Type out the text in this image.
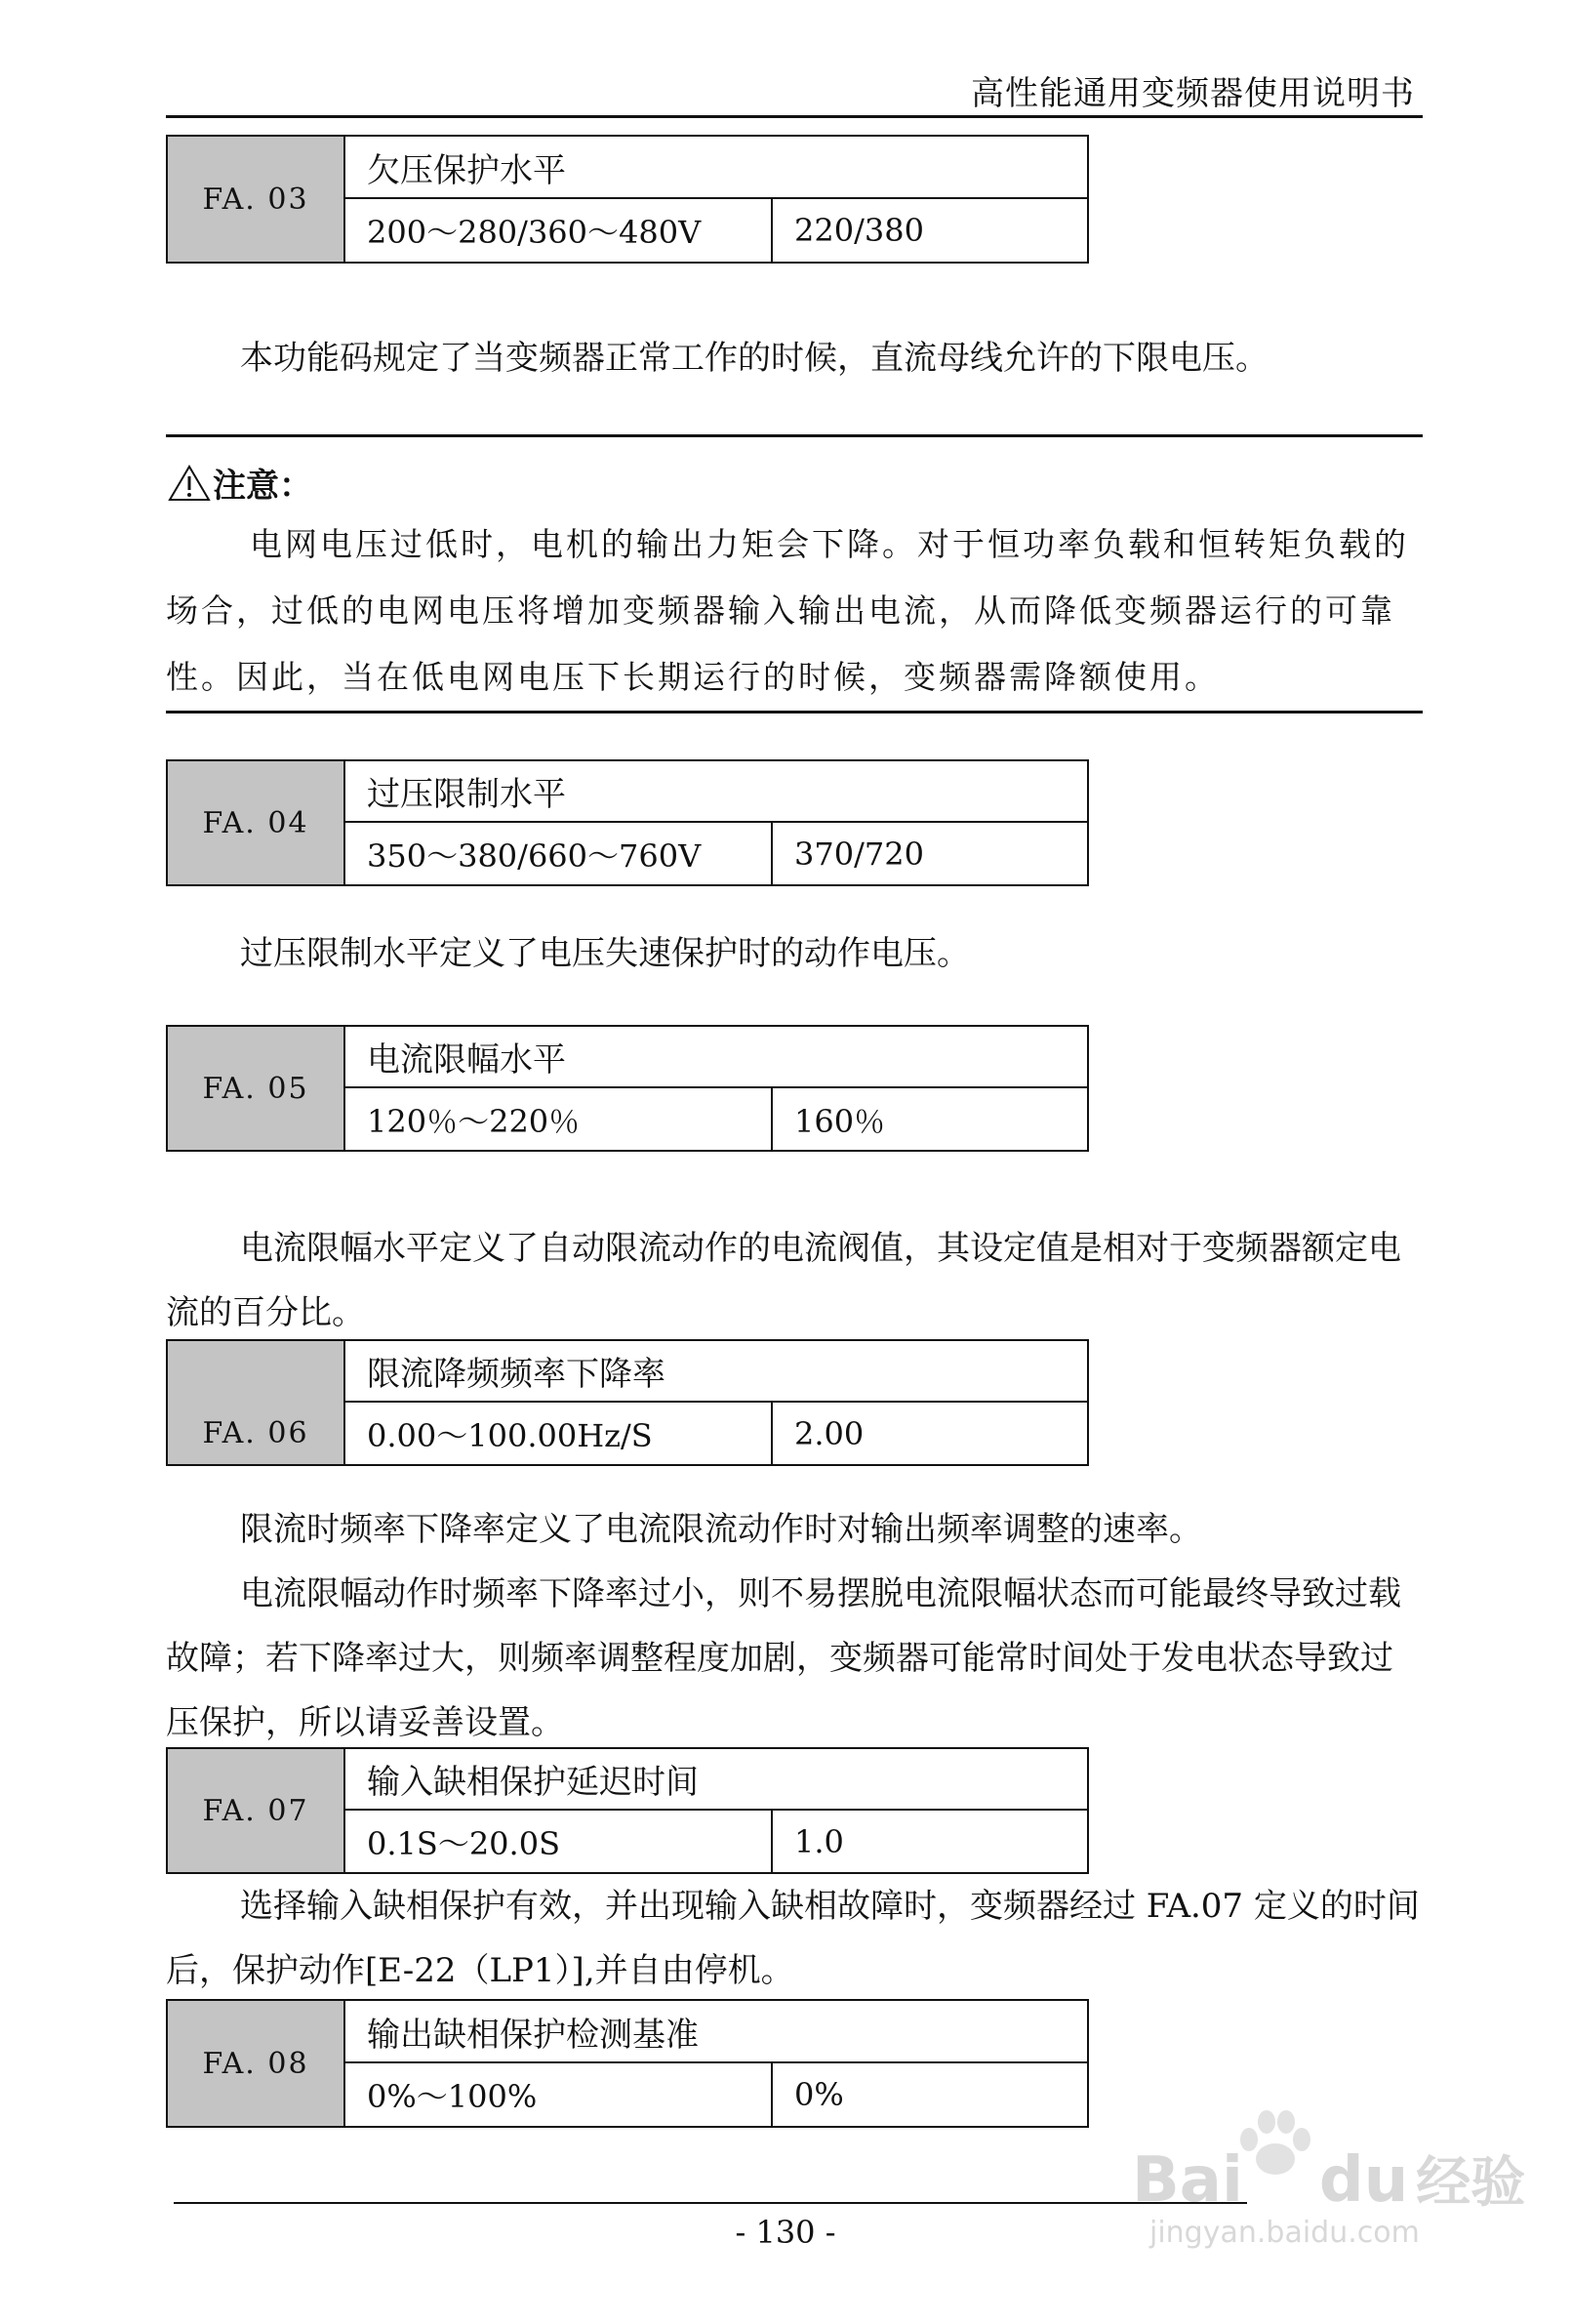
高性能通用变频器使用说明书
FA. 03
欠压保护水平
200～280/360～480V	220/380

本功能码规定了当变频器正常工作的时候，直流母线允许的下限电压。

注意：

电网电压过低时，电机的输出力矩会下降。对于恒功率负载和恒转矩负载的场合，过低的电网电压将增加变频器输入输出电流，从而降低变频器运行的可靠性。因此，当在低电网电压下长期运行的时候，变频器需降额使用。

FA. 04
过压限制水平
350～380/660～760V	370/720

过压限制水平定义了电压失速保护时的动作电压。

FA. 05
电流限幅水平
120％～220％	160％

电流限幅水平定义了自动限流动作的电流阀值，其设定值是相对于变频器额定电流的百分比。

FA. 06
限流降频频率下降率
0.00～100.00Hz/S	2.00

限流时频率下降率定义了电流限流动作时对输出频率调整的速率。

电流限幅动作时频率下降率过小，则不易摆脱电流限幅状态而可能最终导致过载故障；若下降率过大，则频率调整程度加剧，变频器可能常时间处于发电状态导致过压保护，所以请妥善设置。

FA. 07
输入缺相保护延迟时间
0.1S～20.0S	1.0

选择输入缺相保护有效，并出现输入缺相故障时，变频器经过 FA.07 定义的时间后，保护动作[E-22（LP1）],并自由停机。

FA. 08
输出缺相保护检测基准
0%～100%	0%
- 130 -
Bai du 经验
jingyan.baidu.com
